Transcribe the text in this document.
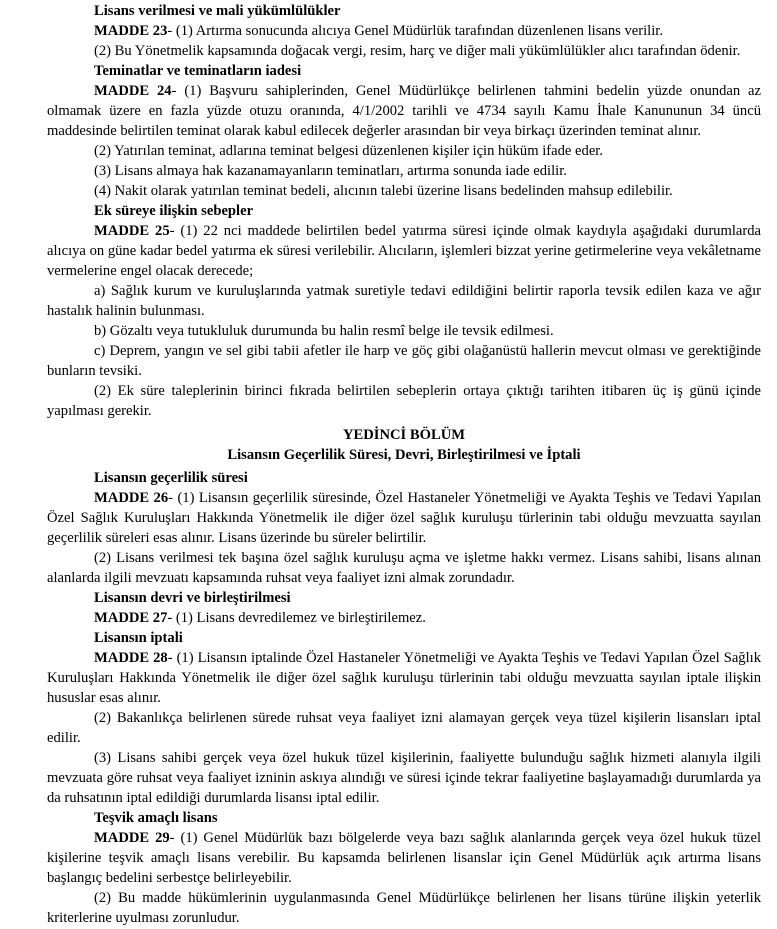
Lisans verilmesi ve mali yükümlülükler

MADDE 23- (1) Artırma sonucunda alıcıya Genel Müdürlük tarafından düzenlenen lisans verilir.

(2) Bu Yönetmelik kapsamında doğacak vergi, resim, harç ve diğer mali yükümlülükler alıcı tarafından ödenir.

Teminatlar ve teminatların iadesi

MADDE 24- (1) Başvuru sahiplerinden, Genel Müdürlükçe belirlenen tahmini bedelin yüzde onundan az olmamak üzere en fazla yüzde otuzu oranında, 4/1/2002 tarihli ve 4734 sayılı Kamu İhale Kanununun 34 üncü maddesinde belirtilen teminat olarak kabul edilecek değerler arasından bir veya birkaçı üzerinden teminat alınır.

(2) Yatırılan teminat, adlarına teminat belgesi düzenlenen kişiler için hüküm ifade eder.

(3) Lisans almaya hak kazanamayanların teminatları, artırma sonunda iade edilir.

(4) Nakit olarak yatırılan teminat bedeli, alıcının talebi üzerine lisans bedelinden mahsup edilebilir.

Ek süreye ilişkin sebepler

MADDE 25- (1) 22 nci maddede belirtilen bedel yatırma süresi içinde olmak kaydıyla aşağıdaki durumlarda alıcıya on güne kadar bedel yatırma ek süresi verilebilir. Alıcıların, işlemleri bizzat yerine getirmelerine veya vekâletname vermelerine engel olacak derecede;

a) Sağlık kurum ve kuruluşlarında yatmak suretiyle tedavi edildiğini belirtir raporla tevsik edilen kaza ve ağır hastalık halinin bulunması.

b) Gözaltı veya tutukluluk durumunda bu halin resmî belge ile tevsik edilmesi.

c) Deprem, yangın ve sel gibi tabii afetler ile harp ve göç gibi olağanüstü hallerin mevcut olması ve gerektiğinde bunların tevsiki.

(2) Ek süre taleplerinin birinci fıkrada belirtilen sebeplerin ortaya çıktığı tarihten itibaren üç iş günü içinde yapılması gerekir.

YEDİNCİ BÖLÜM

Lisansın Geçerlilik Süresi, Devri, Birleştirilmesi ve İptali

Lisansın geçerlilik süresi

MADDE 26- (1) Lisansın geçerlilik süresinde, Özel Hastaneler Yönetmeliği ve Ayakta Teşhis ve Tedavi Yapılan Özel Sağlık Kuruluşları Hakkında Yönetmelik ile diğer özel sağlık kuruluşu türlerinin tabi olduğu mevzuatta sayılan geçerlilik süreleri esas alınır. Lisans üzerinde bu süreler belirtilir.

(2) Lisans verilmesi tek başına özel sağlık kuruluşu açma ve işletme hakkı vermez. Lisans sahibi, lisans alınan alanlarda ilgili mevzuatı kapsamında ruhsat veya faaliyet izni almak zorundadır.

Lisansın devri ve birleştirilmesi

MADDE 27- (1) Lisans devredilemez ve birleştirilemez.

Lisansın iptali

MADDE 28- (1) Lisansın iptalinde Özel Hastaneler Yönetmeliği ve Ayakta Teşhis ve Tedavi Yapılan Özel Sağlık Kuruluşları Hakkında Yönetmelik ile diğer özel sağlık kuruluşu türlerinin tabi olduğu mevzuatta sayılan iptale ilişkin hususlar esas alınır.

(2) Bakanlıkça belirlenen sürede ruhsat veya faaliyet izni alamayan gerçek veya tüzel kişilerin lisansları iptal edilir.

(3) Lisans sahibi gerçek veya özel hukuk tüzel kişilerinin, faaliyette bulunduğu sağlık hizmeti alanıyla ilgili mevzuata göre ruhsat veya faaliyet izninin askıya alındığı ve süresi içinde tekrar faaliyetine başlayamadığı durumlarda ya da ruhsatının iptal edildiği durumlarda lisansı iptal edilir.

Teşvik amaçlı lisans

MADDE 29- (1) Genel Müdürlük bazı bölgelerde veya bazı sağlık alanlarında gerçek veya özel hukuk tüzel kişilerine teşvik amaçlı lisans verebilir. Bu kapsamda belirlenen lisanslar için Genel Müdürlük açık artırma lisans başlangıç bedelini serbestçe belirleyebilir.

(2) Bu madde hükümlerinin uygulanmasında Genel Müdürlükçe belirlenen her lisans türüne ilişkin yeterlik kriterlerine uyulması zorunludur.
